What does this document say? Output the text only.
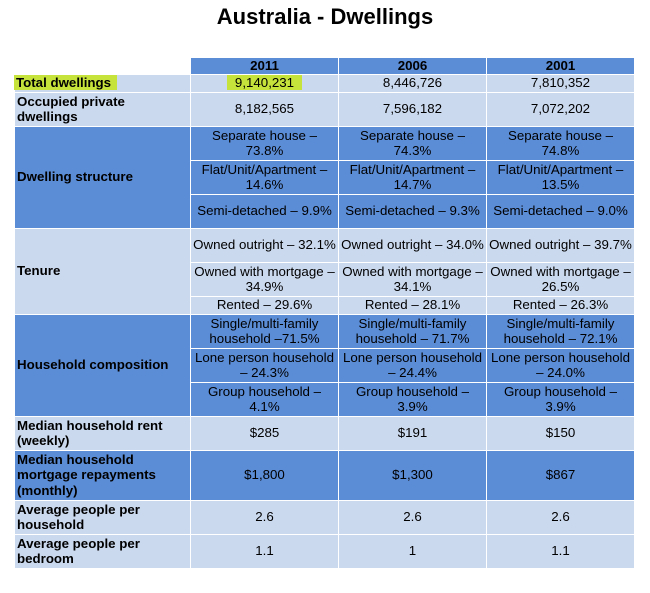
Australia - Dwellings
	2011	2006	2001
Total dwellings	9,140,231	8,446,726	7,810,352
Occupied private dwellings	8,182,565	7,596,182	7,072,202
Dwelling structure	Separate house – 73.8%	Separate house – 74.3%	Separate house – 74.8%
	Flat/Unit/Apartment – 14.6%	Flat/Unit/Apartment – 14.7%	Flat/Unit/Apartment – 13.5%
	Semi-detached – 9.9%	Semi-detached – 9.3%	Semi-detached – 9.0%
Tenure	Owned outright – 32.1%	Owned outright – 34.0%	Owned outright – 39.7%
	Owned with mortgage – 34.9%	Owned with mortgage – 34.1%	Owned with mortgage – 26.5%
	Rented – 29.6%	Rented – 28.1%	Rented – 26.3%
Household composition	Single/multi-family household –71.5%	Single/multi-family household – 71.7%	Single/multi-family household – 72.1%
	Lone person household – 24.3%	Lone person household – 24.4%	Lone person household – 24.0%
	Group household – 4.1%	Group household – 3.9%	Group household – 3.9%
Median household rent (weekly)	$285	$191	$150
Median household mortgage repayments (monthly)	$1,800	$1,300	$867
Average people per household	2.6	2.6	2.6
Average people per bedroom	1.1	1	1.1
